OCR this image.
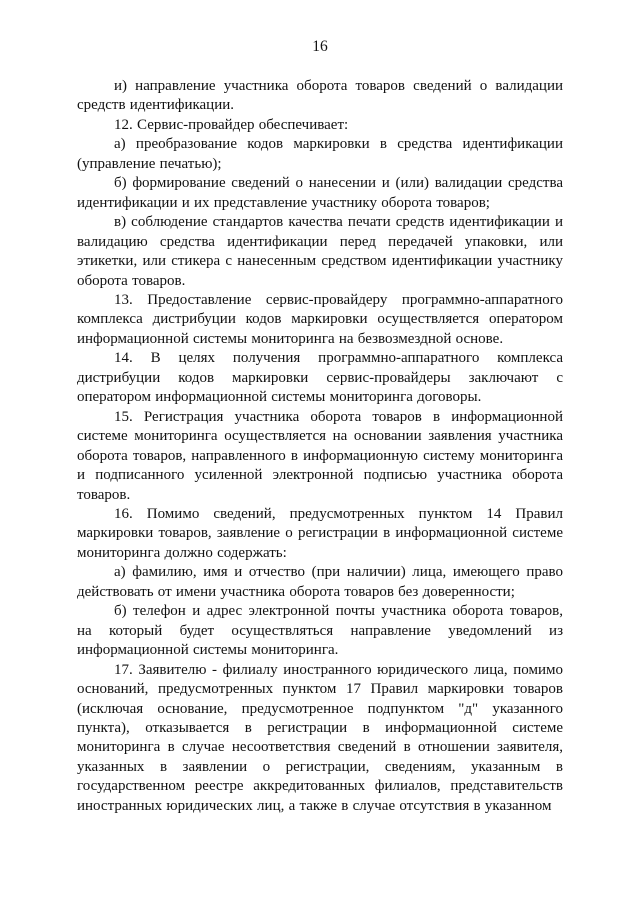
16

и) направление участника оборота товаров сведений о валидации средств идентификации.

12. Сервис-провайдер обеспечивает:

а) преобразование кодов маркировки в средства идентификации (управление печатью);

б) формирование сведений о нанесении и (или) валидации средства идентификации и их представление участнику оборота товаров;

в) соблюдение стандартов качества печати средств идентификации и валидацию средства идентификации перед передачей упаковки, или этикетки, или стикера с нанесенным средством идентификации участнику оборота товаров.

13. Предоставление сервис-провайдеру программно-аппаратного комплекса дистрибуции кодов маркировки осуществляется оператором информационной системы мониторинга на безвозмездной основе.

14. В целях получения программно-аппаратного комплекса дистрибуции кодов маркировки сервис-провайдеры заключают с оператором информационной системы мониторинга договоры.

15. Регистрация участника оборота товаров в информационной системе мониторинга осуществляется на основании заявления участника оборота товаров, направленного в информационную систему мониторинга и подписанного усиленной электронной подписью участника оборота товаров.

16. Помимо сведений, предусмотренных пунктом 14 Правил маркировки товаров, заявление о регистрации в информационной системе мониторинга должно содержать:

а) фамилию, имя и отчество (при наличии) лица, имеющего право действовать от имени участника оборота товаров без доверенности;

б) телефон и адрес электронной почты участника оборота товаров, на который будет осуществляться направление уведомлений из информационной системы мониторинга.

17. Заявителю - филиалу иностранного юридического лица, помимо оснований, предусмотренных пунктом 17 Правил маркировки товаров (исключая основание, предусмотренное подпунктом "д" указанного пункта), отказывается в регистрации в информационной системе мониторинга в случае несоответствия сведений в отношении заявителя, указанных в заявлении о регистрации, сведениям, указанным в государственном реестре аккредитованных филиалов, представительств иностранных юридических лиц, а также в случае отсутствия в указанном
